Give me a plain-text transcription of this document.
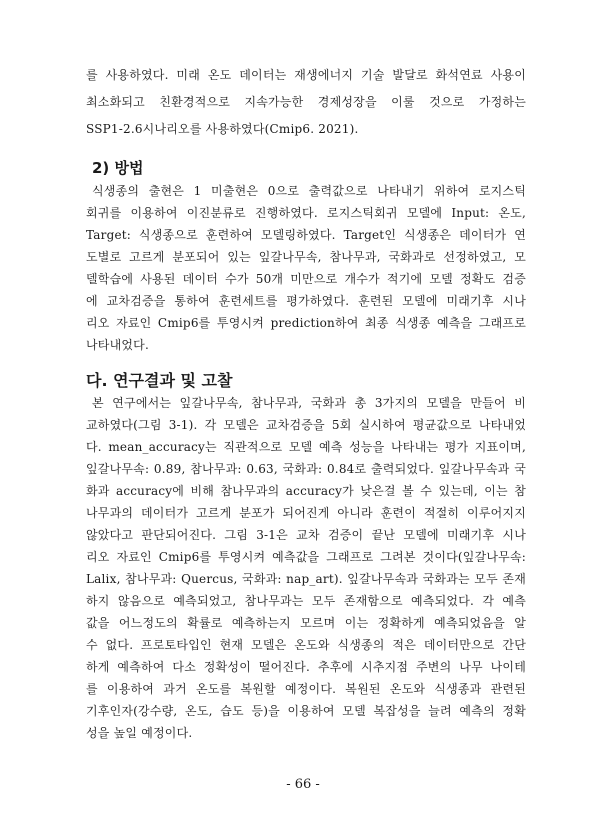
를 사용하였다. 미래 온도 데이터는 재생에너지 기술 발달로 화석연료 사용이
최소화되고 친환경적으로 지속가능한 경제성장을 이룰 것으로 가정하는
SSP1-2.6시나리오를 사용하였다(Cmip6. 2021).
2) 방법
식생종의 출현은 1 미출현은 0으로 출력값으로 나타내기 위하여 로지스틱
회귀를 이용하여 이진분류로 진행하였다. 로지스틱회귀 모델에 Input: 온도,
Target: 식생종으로 훈련하여 모델링하였다. Target인 식생종은 데이터가 연
도별로 고르게 분포되어 있는 잎갈나무속, 참나무과, 국화과로 선정하였고, 모
델학습에 사용된 데이터 수가 50개 미만으로 개수가 적기에 모델 정확도 검증
에 교차검증을 통하여 훈련세트를 평가하였다. 훈련된 모델에 미래기후 시나
리오 자료인 Cmip6를 투영시켜 prediction하여 최종 식생종 예측을 그래프로
나타내었다.
다. 연구결과 및 고찰
본 연구에서는 잎갈나무속, 참나무과, 국화과 총 3가지의 모델을 만들어 비
교하였다(그림 3-1). 각 모델은 교차검증을 5회 실시하여 평균값으로 나타내었
다. mean_accuracy는 직관적으로 모델 예측 성능을 나타내는 평가 지표이며,
잎갈나무속: 0.89, 참나무과: 0.63, 국화과: 0.84로 출력되었다. 잎갈나무속과 국
화과 accuracy에 비해 참나무과의 accuracy가 낮은걸 볼 수 있는데, 이는 참
나무과의 데이터가 고르게 분포가 되어진게 아니라 훈련이 적절히 이루어지지
않았다고 판단되어진다. 그림 3-1은 교차 검증이 끝난 모델에 미래기후 시나
리오 자료인 Cmip6를 투영시켜 예측값을 그래프로 그려본 것이다(잎갈나무속:
Lalix, 참나무과: Quercus, 국화과: nap_art). 잎갈나무속과 국화과는 모두 존재
하지 않음으로 예측되었고, 참나무과는 모두 존재함으로 예측되었다. 각 예측
값을 어느정도의 확률로 예측하는지 모르며 이는 정확하게 예측되었음을 알
수 없다. 프로토타입인 현재 모델은 온도와 식생종의 적은 데이터만으로 간단
하게 예측하여 다소 정확성이 떨어진다. 추후에 시추지점 주변의 나무 나이테
를 이용하여 과거 온도를 복원할 예정이다. 복원된 온도와 식생종과 관련된
기후인자(강수량, 온도, 습도 등)을 이용하여 모델 복잡성을 늘려 예측의 정확
성을 높일 예정이다.
- 66 -
